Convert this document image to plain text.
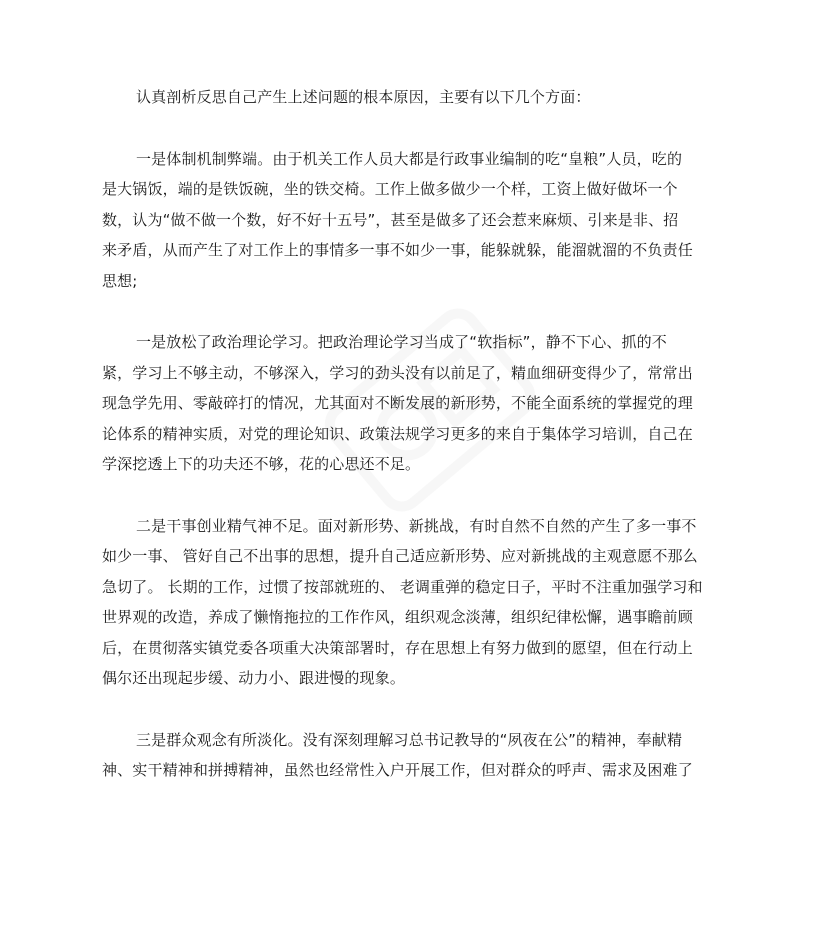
认真剖析反思自己产生上述问题的根本原因，主要有以下几个方面：
一是体制机制弊端。由于机关工作人员大都是行政事业编制的吃“皇粮”人员，吃的
是大锅饭，端的是铁饭碗，坐的铁交椅。工作上做多做少一个样，工资上做好做坏一个
数，认为“做不做一个数，好不好十五号”，甚至是做多了还会惹来麻烦、引来是非、招
来矛盾，从而产生了对工作上的事情多一事不如少一事，能躲就躲，能溜就溜的不负责任
思想;
一是放松了政治理论学习。把政治理论学习当成了“软指标”，静不下心、抓的不
紧，学习上不够主动，不够深入，学习的劲头没有以前足了，精血细研变得少了，常常出
现急学先用、零敲碎打的情况，尤其面对不断发展的新形势，不能全面系统的掌握党的理
论体系的精神实质，对党的理论知识、政策法规学习更多的来自于集体学习培训，自己在
学深挖透上下的功夫还不够，花的心思还不足。
二是干事创业精气神不足。面对新形势、新挑战，有时自然不自然的产生了多一事不
如少一事、 管好自己不出事的思想，提升自己适应新形势、应对新挑战的主观意愿不那么
急切了。 长期的工作，过惯了按部就班的、 老调重弹的稳定日子，平时不注重加强学习和
世界观的改造，养成了懒惰拖拉的工作作风，组织观念淡薄，组织纪律松懈，遇事瞻前顾
后，在贯彻落实镇党委各项重大决策部署时，存在思想上有努力做到的愿望，但在行动上
偶尔还出现起步缓、动力小、跟进慢的现象。
三是群众观念有所淡化。没有深刻理解习总书记教导的“夙夜在公”的精神，奉献精
神、实干精神和拼搏精神，虽然也经常性入户开展工作，但对群众的呼声、需求及困难了
